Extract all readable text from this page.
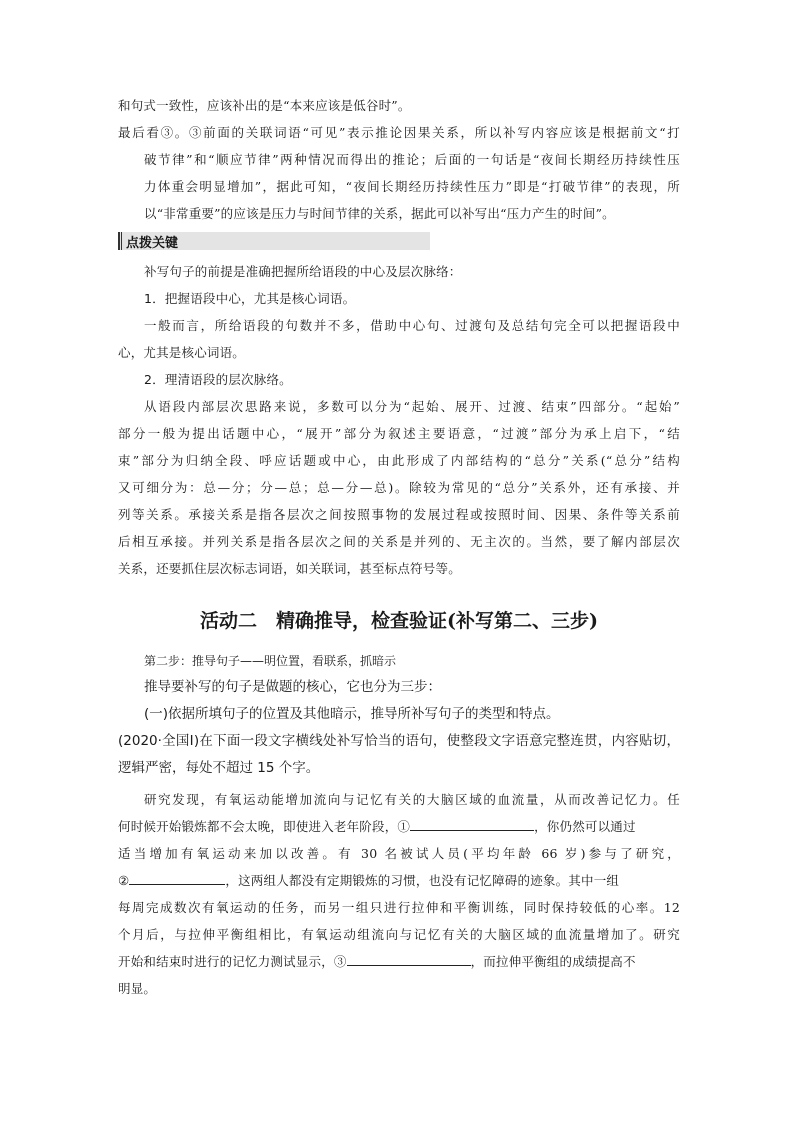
和句式一致性，应该补出的是“本来应该是低谷时”。
最后看③。③前面的关联词语“可见”表示推论因果关系，所以补写内容应该是根据前文“打
破节律”和“顺应节律”两种情况而得出的推论；后面的一句话是“夜间长期经历持续性压
力体重会明显增加”，据此可知，“夜间长期经历持续性压力”即是“打破节律”的表现，所
以“非常重要”的应该是压力与时间节律的关系，据此可以补写出“压力产生的时间”。
点拨关键
补写句子的前提是准确把握所给语段的中心及层次脉络：
1．把握语段中心，尤其是核心词语。
一般而言，所给语段的句数并不多，借助中心句、过渡句及总结句完全可以把握语段中
心，尤其是核心词语。
2．理清语段的层次脉络。
从语段内部层次思路来说，多数可以分为“起始、展开、过渡、结束”四部分。“起始”
部分一般为提出话题中心，“展开”部分为叙述主要语意，“过渡”部分为承上启下，“结
束”部分为归纳全段、呼应话题或中心，由此形成了内部结构的“总分”关系(“总分”结构
又可细分为：总—分；分—总；总—分—总)。除较为常见的“总分”关系外，还有承接、并
列等关系。承接关系是指各层次之间按照事物的发展过程或按照时间、因果、条件等关系前
后相互承接。并列关系是指各层次之间的关系是并列的、无主次的。当然，要了解内部层次
关系，还要抓住层次标志词语，如关联词，甚至标点符号等。
活动二　精确推导，检查验证(补写第二、三步)
第二步：推导句子——明位置，看联系，抓暗示
推导要补写的句子是做题的核心，它也分为三步：
(一)依据所填句子的位置及其他暗示，推导所补写句子的类型和特点。
(2020·全国Ⅰ)在下面一段文字横线处补写恰当的语句，使整段文字语意完整连贯，内容贴切，
逻辑严密，每处不超过 15 个字。
研究发现，有氧运动能增加流向与记忆有关的大脑区域的血流量，从而改善记忆力。任
何时候开始锻炼都不会太晚，即使进入老年阶段，①	，你仍然可以通过
适当增加有氧运动来加以改善。有 30 名被试人员(平均年龄 66 岁)参与了研究，
②	，这两组人都没有定期锻炼的习惯，也没有记忆障碍的迹象。其中一组
每周完成数次有氧运动的任务，而另一组只进行拉伸和平衡训练，同时保持较低的心率。12
个月后，与拉伸平衡组相比，有氧运动组流向与记忆有关的大脑区域的血流量增加了。研究
开始和结束时进行的记忆力测试显示，③	，而拉伸平衡组的成绩提高不
明显。
